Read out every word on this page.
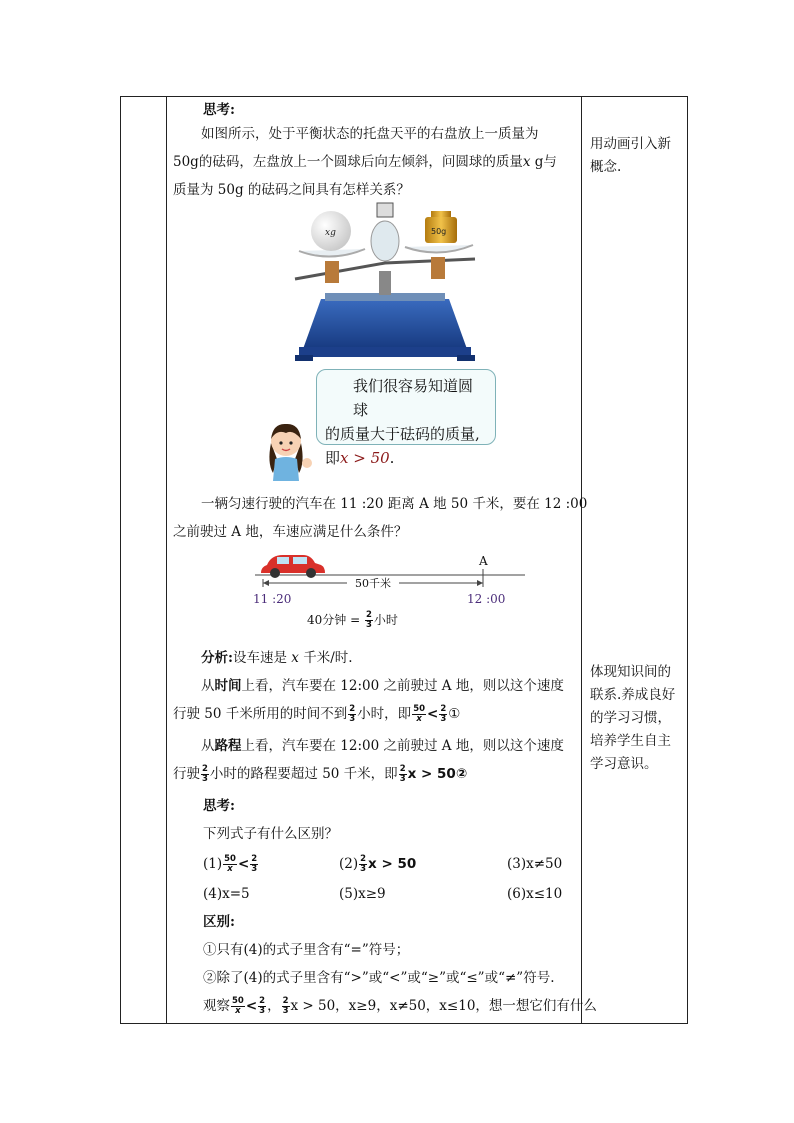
思考:
如图所示，处于平衡状态的托盘天平的右盘放上一质量为
50g的砝码，左盘放上一个圆球后向左倾斜，问圆球的质量x g与
质量为 50g 的砝码之间具有怎样关系？
xg	50g
一辆匀速行驶的汽车在 11 :20 距离 A 地 50 千米，要在 12 :00
之前驶过 A 地，车速应满足什么条件？
A
50千米
11 :20	12 :00
40分钟 = $\frac{2}{3}$ 小时
分析:设车速是 x 千米/时.
从时间上看，汽车要在 12:00 之前驶过 A 地，则以这个速度
行驶 50 千米所用的时间不到 $\frac{2}{3}$ 小时，即 $\frac{50}{x} < \frac{2}{3}$ ①
从路程上看，汽车要在 12:00 之前驶过 A 地，则以这个速度
行驶 $\frac{2}{3}$ 小时的路程要超过 50 千米，即 $\frac{2}{3}$ x > 50②
思考:
下列式子有什么区别？
$(1) \frac{50}{x} < \frac{2}{3}$	$(2) \frac{2}{3}$ x > 50	(3)x≠50
(4)x=5	(5)x≥9	(6)x≤10
区别:
①只有(4)的式子里含有“=”符号；
②除了(4)的式子里含有“>”或“<”或“≥”或“≤”或“≠”符号.
观察 $\frac{50}{x} < \frac{2}{3}$ ， $\frac{2}{3}$ x > 50，x≥9，x≠50，x≤10，想一想它们有什么
用动画引入新概念.
体现知识间的联系.养成良好的学习习惯，培养学生自主学习意识。
我们很容易知道圆球
的质量大于砝码的质量,
即x > 50.
